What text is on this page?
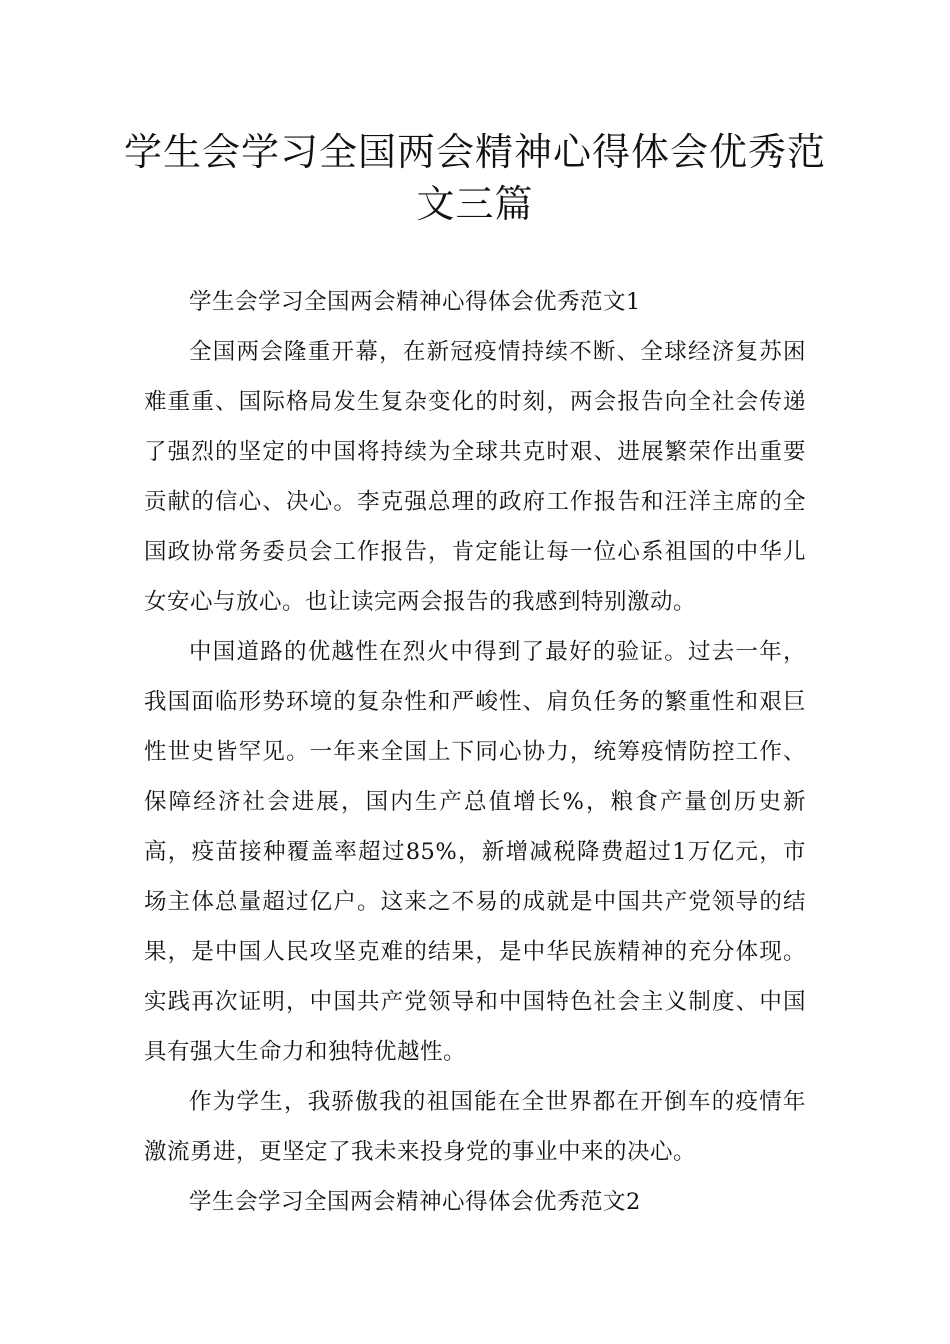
学生会学习全国两会精神心得体会优秀范文三篇

学生会学习全国两会精神心得体会优秀范文1

全国两会隆重开幕，在新冠疫情持续不断、全球经济复苏困难重重、国际格局发生复杂变化的时刻，两会报告向全社会传递了强烈的坚定的中国将持续为全球共克时艰、进展繁荣作出重要贡献的信心、决心。李克强总理的政府工作报告和汪洋主席的全国政协常务委员会工作报告，肯定能让每一位心系祖国的中华儿女安心与放心。也让读完两会报告的我感到特别激动。

中国道路的优越性在烈火中得到了最好的验证。过去一年，我国面临形势环境的复杂性和严峻性、肩负任务的繁重性和艰巨性世史皆罕见。一年来全国上下同心协力，统筹疫情防控工作、保障经济社会进展，国内生产总值增长%，粮食产量创历史新高，疫苗接种覆盖率超过85%，新增减税降费超过1万亿元，市场主体总量超过亿户。这来之不易的成就是中国共产党领导的结果，是中国人民攻坚克难的结果，是中华民族精神的充分体现。实践再次证明，中国共产党领导和中国特色社会主义制度、中国具有强大生命力和独特优越性。

作为学生，我骄傲我的祖国能在全世界都在开倒车的疫情年激流勇进，更坚定了我未来投身党的事业中来的决心。

学生会学习全国两会精神心得体会优秀范文2
